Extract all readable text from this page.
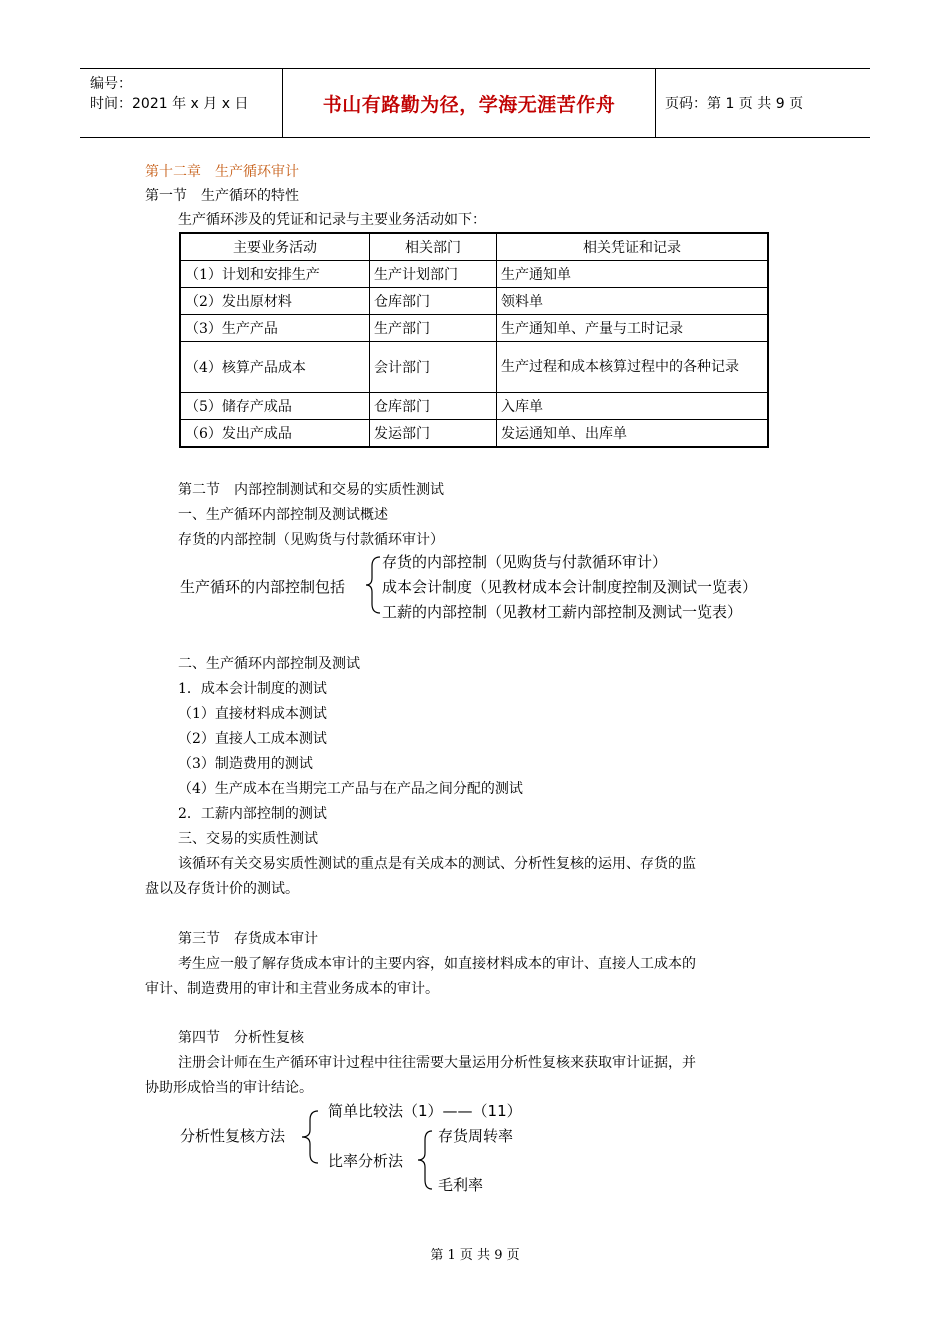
编号：
时间：2021 年 x 月 x 日	书山有路勤为径，学海无涯苦作舟	页码：第 1 页 共 9 页
第十二章　生产循环审计
第一节　生产循环的特性
生产循环涉及的凭证和记录与主要业务活动如下：
主要业务活动	相关部门	相关凭证和记录
（1）计划和安排生产	生产计划部门	生产通知单
（2）发出原材料	仓库部门	领料单
（3）生产产品	生产部门	生产通知单、产量与工时记录
（4）核算产品成本	会计部门	生产过程和成本核算过程中的各种记录
（5）储存产成品	仓库部门	入库单
（6）发出产成品	发运部门	发运通知单、出库单
第二节　内部控制测试和交易的实质性测试
一、生产循环内部控制及测试概述
存货的内部控制（见购货与付款循环审计）
生产循环的内部控制包括
存货的内部控制（见购货与付款循环审计）
成本会计制度（见教材成本会计制度控制及测试一览表）
工薪的内部控制（见教材工薪内部控制及测试一览表）
二、生产循环内部控制及测试
1．成本会计制度的测试
（1）直接材料成本测试
（2）直接人工成本测试
（3）制造费用的测试
（4）生产成本在当期完工产品与在产品之间分配的测试
2．工薪内部控制的测试
三、交易的实质性测试
该循环有关交易实质性测试的重点是有关成本的测试、分析性复核的运用、存货的监
盘以及存货计价的测试。
第三节　存货成本审计
考生应一般了解存货成本审计的主要内容，如直接材料成本的审计、直接人工成本的
审计、制造费用的审计和主营业务成本的审计。
第四节　分析性复核
注册会计师在生产循环审计过程中往往需要大量运用分析性复核来获取审计证据，并
协助形成恰当的审计结论。
分析性复核方法
简单比较法（1）——（11）
比率分析法
存货周转率
毛利率
第 1 页 共 9 页
